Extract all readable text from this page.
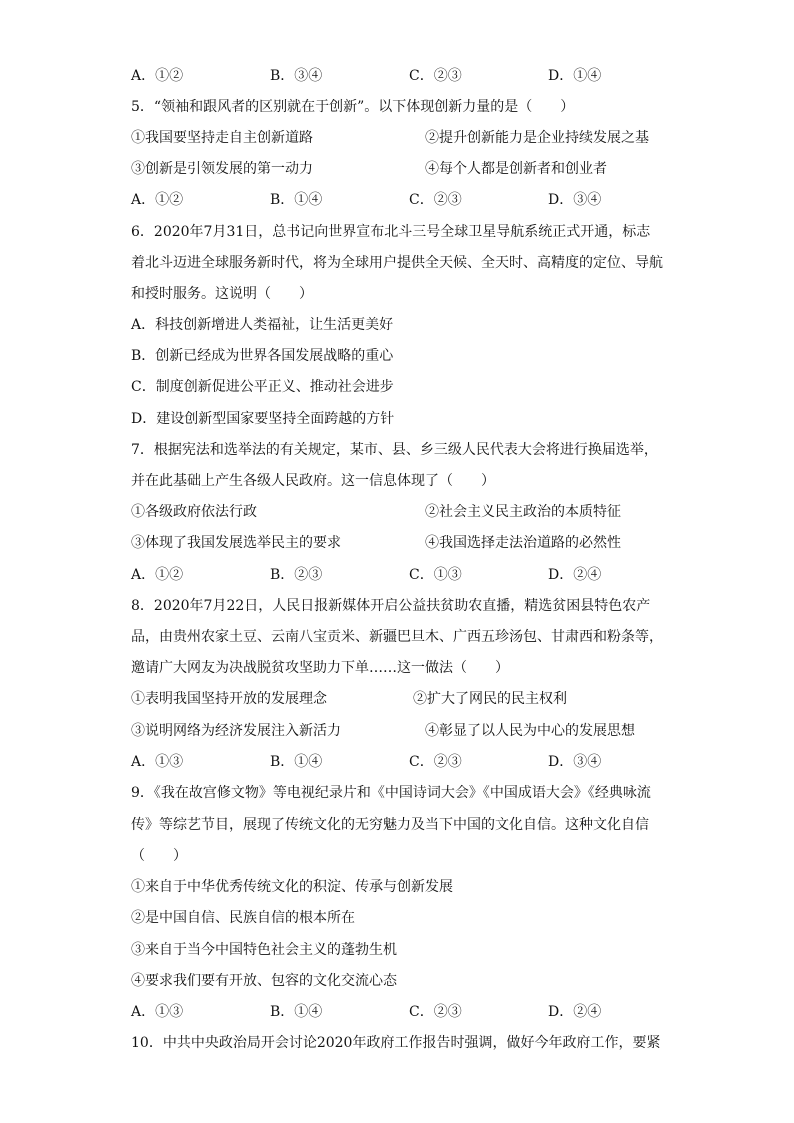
A．①②	B．③④	C．②③	D．①④
5．“领袖和跟风者的区别就在于创新”。以下体现创新力量的是（　　）
①我国要坚持走自主创新道路	②提升创新能力是企业持续发展之基
③创新是引领发展的第一动力	④每个人都是创新者和创业者
A．①②	B．①④	C．②③	D．③④
6．2020年7月31日，总书记向世界宣布北斗三号全球卫星导航系统正式开通，标志
着北斗迈进全球服务新时代，将为全球用户提供全天候、全天时、高精度的定位、导航
和授时服务。这说明（　　）
A．科技创新增进人类福祉，让生活更美好
B．创新已经成为世界各国发展战略的重心
C．制度创新促进公平正义、推动社会进步
D．建设创新型国家要坚持全面跨越的方针
7．根据宪法和选举法的有关规定，某市、县、乡三级人民代表大会将进行换届选举，
并在此基础上产生各级人民政府。这一信息体现了（　　）
①各级政府依法行政	②社会主义民主政治的本质特征
③体现了我国发展选举民主的要求	④我国选择走法治道路的必然性
A．①②	B．②③	C．①③	D．②④
8．2020年7月22日，人民日报新媒体开启公益扶贫助农直播，精选贫困县特色农产
品，由贵州农家土豆、云南八宝贡米、新疆巴旦木、广西五珍汤包、甘肃西和粉条等，
邀请广大网友为决战脱贫攻坚助力下单……这一做法（　　）
①表明我国坚持开放的发展理念	②扩大了网民的民主权利
③说明网络为经济发展注入新活力	④彰显了以人民为中心的发展思想
A．①③	B．①④	C．②③	D．③④
9．《我在故宫修文物》等电视纪录片和《中国诗词大会》《中国成语大会》《经典咏流
传》等综艺节目，展现了传统文化的无穷魅力及当下中国的文化自信。这种文化自信
（　　）
①来自于中华优秀传统文化的积淀、传承与创新发展
②是中国自信、民族自信的根本所在
③来自于当今中国特色社会主义的蓬勃生机
④要求我们要有开放、包容的文化交流心态
A．①③	B．①④	C．②③	D．②④
10．中共中央政治局开会讨论2020年政府工作报告时强调，做好今年政府工作，要紧
